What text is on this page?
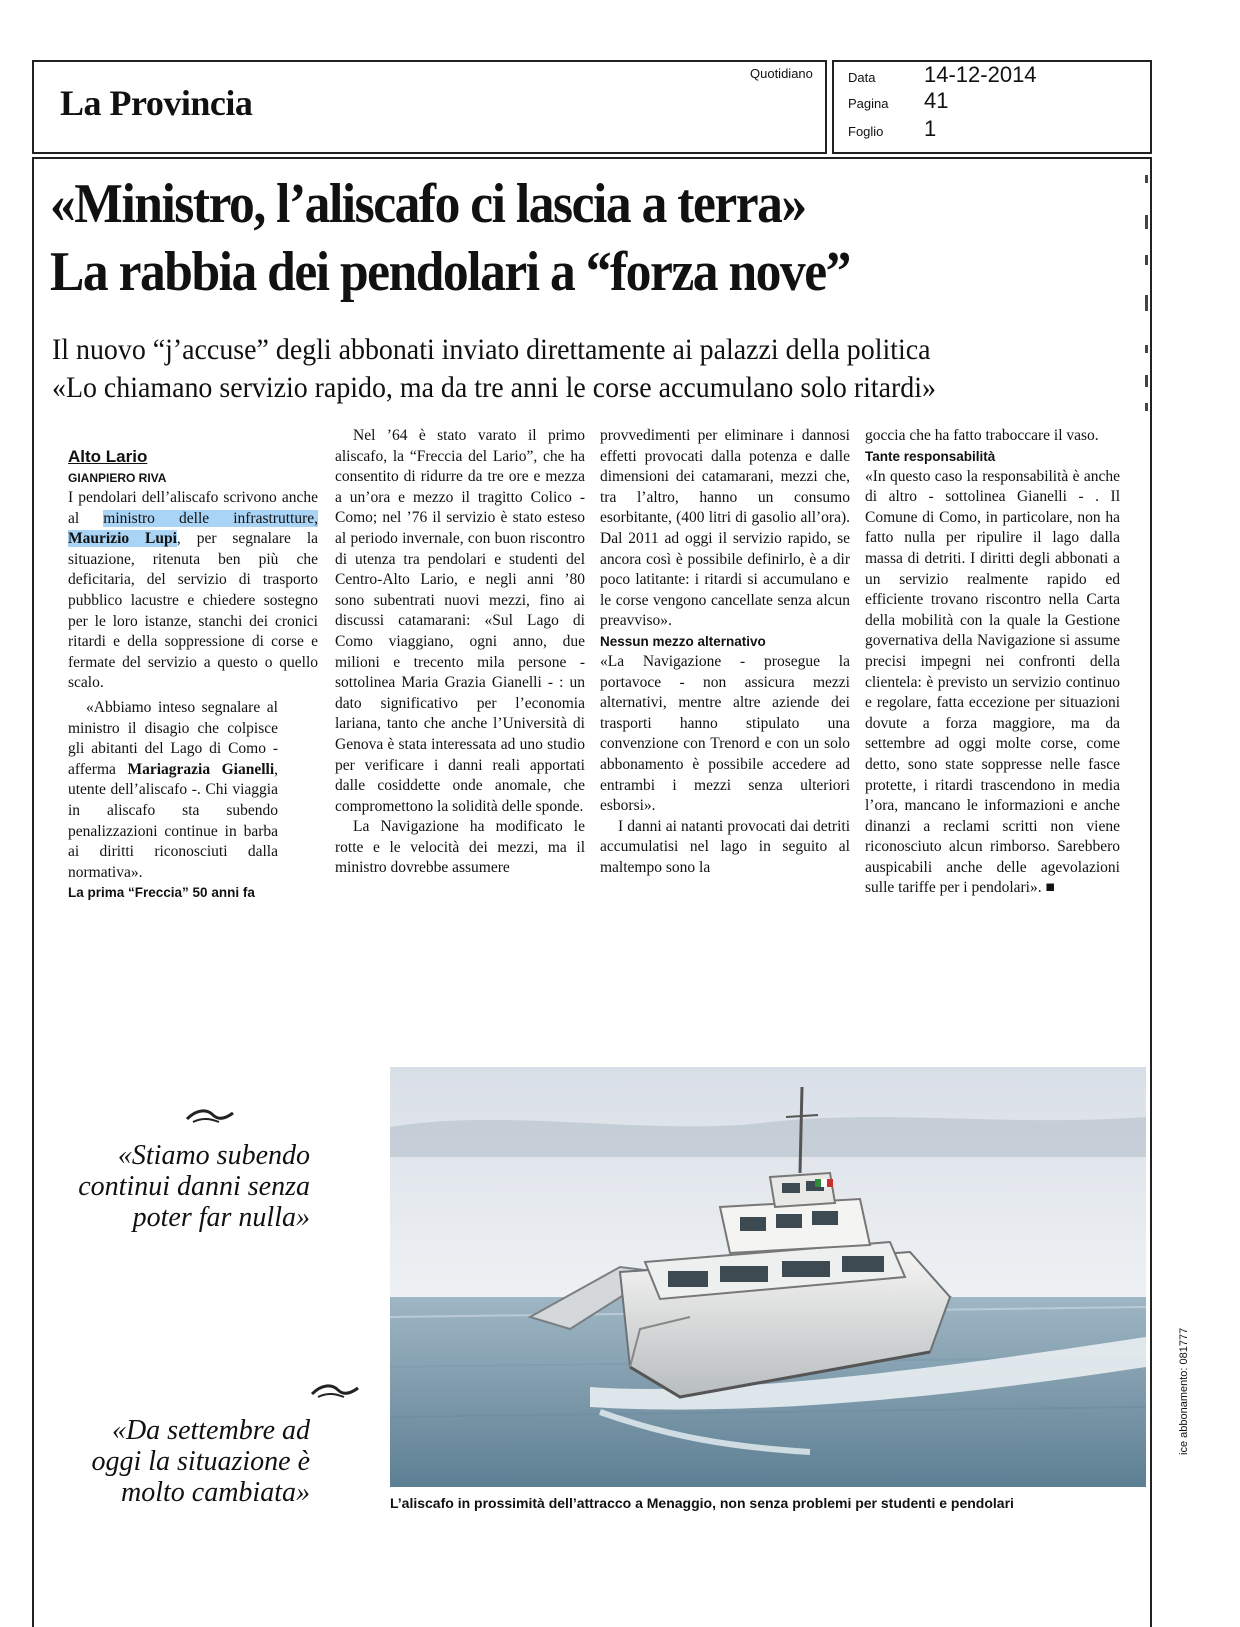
La Provincia
Quotidiano	Data 14-12-2014
Pagina 41
Foglio 1
«Ministro, l’aliscafo ci lascia a terra»
La rabbia dei pendolari a “forza nove”
Il nuovo “j’accuse” degli abbonati inviato direttamente ai palazzi della politica
«Lo chiamano servizio rapido, ma da tre anni le corse accumulano solo ritardi»

Alto Lario

GIANPIERO RIVA

I pendolari dell’aliscafo scrivono anche al ministro delle infrastrutture, Maurizio Lupi, per segnalare la situazione, ritenuta ben più che deficitaria, del servizio di trasporto pubblico lacustre e chiedere sostegno per le loro istanze, stanchi dei cronici ritardi e della soppressione di corse e fermate del servizio a questo o quello scalo.

«Abbiamo inteso segnalare al ministro il disagio che colpisce gli abitanti del Lago di Como - afferma Mariagrazia Gianelli, utente dell’aliscafo -. Chi viaggia in aliscafo sta subendo penalizzazioni continue in barba ai diritti riconosciuti dalla normativa».

La prima “Freccia” 50 anni fa

Nel ’64 è stato varato il primo aliscafo, la “Freccia del Lario”, che ha consentito di ridurre da tre ore e mezza a un’ora e mezzo il tragitto Colico - Como; nel ’76 il servizio è stato esteso al periodo invernale, con buon riscontro di utenza tra pendolari e studenti del Centro-Alto Lario, e negli anni ’80 sono subentrati nuovi mezzi, fino ai discussi catamarani: «Sul Lago di Como viaggiano, ogni anno, due milioni e trecento mila persone - sottolinea Maria Grazia Gianelli - : un dato significativo per l’economia lariana, tanto che anche l’Università di Genova è stata interessata ad uno studio per verificare i danni reali apportati dalle cosiddette onde anomale, che compromettono la solidità delle sponde.

La Navigazione ha modificato le rotte e le velocità dei mezzi, ma il ministro dovrebbe assumere

provvedimenti per eliminare i dannosi effetti provocati dalla potenza e dalle dimensioni dei catamarani, mezzi che, tra l’altro, hanno un consumo esorbitante, (400 litri di gasolio all’ora). Dal 2011 ad oggi il servizio rapido, se ancora così è possibile definirlo, è a dir poco latitante: i ritardi si accumulano e le corse vengono cancellate senza alcun preavviso».

Nessun mezzo alternativo

«La Navigazione - prosegue la portavoce - non assicura mezzi alternativi, mentre altre aziende dei trasporti hanno stipulato una convenzione con Trenord e con un solo abbonamento è possibile accedere ad entrambi i mezzi senza ulteriori esborsi».

I danni ai natanti provocati dai detriti accumulatisi nel lago in seguito al maltempo sono la

goccia che ha fatto traboccare il vaso.

Tante responsabilità

«In questo caso la responsabilità è anche di altro - sottolinea Gianelli - . Il Comune di Como, in particolare, non ha fatto nulla per ripulire il lago dalla massa di detriti. I diritti degli abbonati a un servizio realmente rapido ed efficiente trovano riscontro nella Carta della mobilità con la quale la Gestione governativa della Navigazione si assume precisi impegni nei confronti della clientela: è previsto un servizio continuo e regolare, fatta eccezione per situazioni dovute a forza maggiore, ma da settembre ad oggi molte corse, come detto, sono state soppresse nelle fasce protette, i ritardi trascendono in media l’ora, mancano le informazioni e anche dinanzi a reclami scritti non viene riconosciuto alcun rimborso. Sarebbero auspicabili anche delle agevolazioni sulle tariffe per i pendolari». ■

«Stiamo subendo continui danni senza poter far nulla»
«Da settembre ad oggi la situazione è molto cambiata»	L’aliscafo in prossimità dell’attracco a Menaggio, non senza problemi per studenti e pendolari
ice abbonamento: 081777
